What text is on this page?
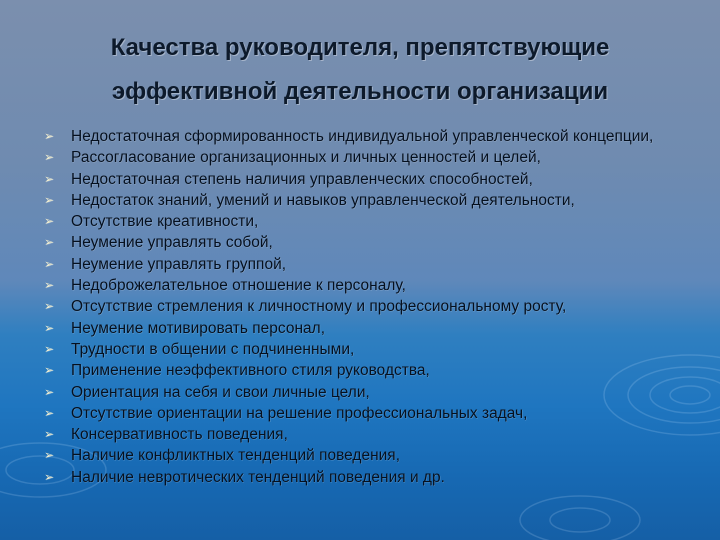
Качества руководителя, препятствующие
эффективной деятельности организации
➢ Недостаточная сформированность индивидуальной управленческой концепции,
➢ Рассогласование организационных и личных ценностей и целей,
➢ Недостаточная степень наличия управленческих способностей,
➢ Недостаток знаний, умений и навыков управленческой деятельности,
➢ Отсутствие креативности,
➢ Неумение управлять собой,
➢ Неумение управлять группой,
➢ Недоброжелательное отношение к персоналу,
➢ Отсутствие стремления к личностному и профессиональному росту,
➢ Неумение мотивировать персонал,
➢ Трудности в общении с подчиненными,
➢ Применение неэффективного стиля руководства,
➢ Ориентация на себя и свои личные цели,
➢ Отсутствие ориентации на решение профессиональных задач,
➢ Консервативность поведения,
➢ Наличие конфликтных тенденций поведения,
➢ Наличие невротических тенденций поведения и др.
